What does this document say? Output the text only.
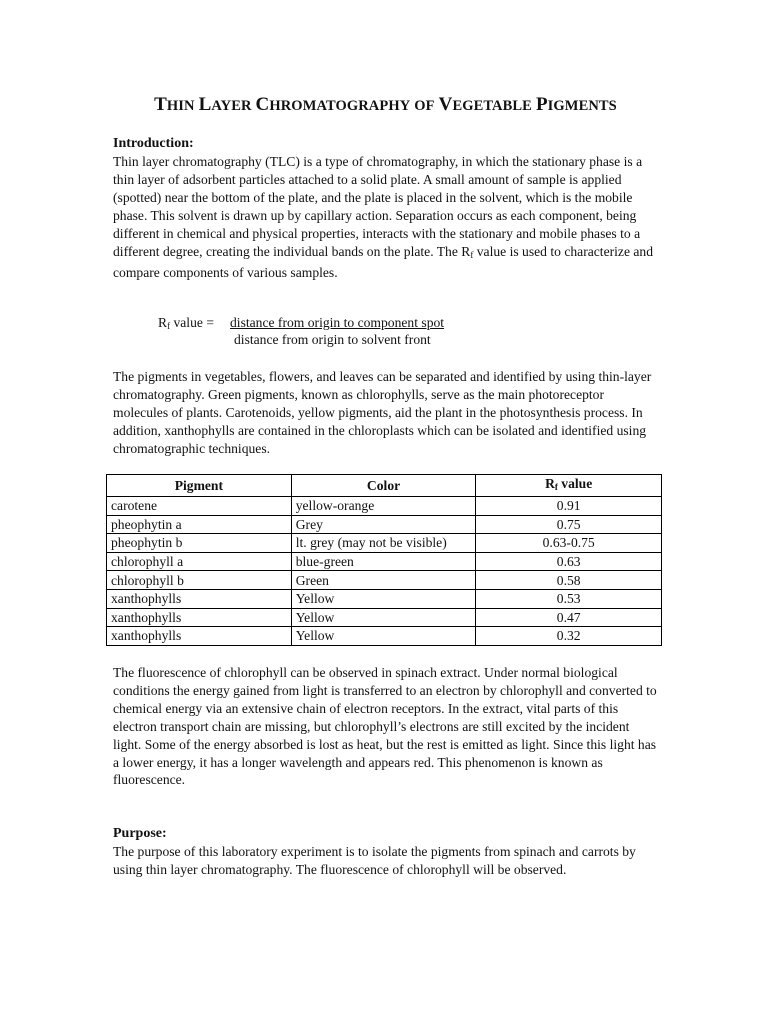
THIN LAYER CHROMATOGRAPHY OF VEGETABLE PIGMENTS
Introduction:

Thin layer chromatography (TLC) is a type of chromatography, in which the stationary phase is a thin layer of adsorbent particles attached to a solid plate. A small amount of sample is applied (spotted) near the bottom of the plate, and the plate is placed in the solvent, which is the mobile phase. This solvent is drawn up by capillary action. Separation occurs as each component, being different in chemical and physical properties, interacts with the stationary and mobile phases to a different degree, creating the individual bands on the plate. The $R_f$ value is used to characterize and compare components of various samples.

$R_f$ value = distance from origin to component spot
distance from origin to solvent front

The pigments in vegetables, flowers, and leaves can be separated and identified by using thin-layer chromatography. Green pigments, known as chlorophylls, serve as the main photoreceptor molecules of plants. Carotenoids, yellow pigments, aid the plant in the photosynthesis process. In addition, xanthophylls are contained in the chloroplasts which can be isolated and identified using chromatographic techniques.

Pigment	Color	$R_f$ value
carotene	yellow-orange	0.91
pheophytin a	Grey	0.75
pheophytin b	lt. grey (may not be visible)	0.63-0.75
chlorophyll a	blue-green	0.63
chlorophyll b	Green	0.58
xanthophylls	Yellow	0.53
xanthophylls	Yellow	0.47
xanthophylls	Yellow	0.32

The fluorescence of chlorophyll can be observed in spinach extract. Under normal biological conditions the energy gained from light is transferred to an electron by chlorophyll and converted to chemical energy via an extensive chain of electron receptors. In the extract, vital parts of this electron transport chain are missing, but chlorophyll’s electrons are still excited by the incident light. Some of the energy absorbed is lost as heat, but the rest is emitted as light. Since this light has a lower energy, it has a longer wavelength and appears red. This phenomenon is known as fluorescence.

Purpose:

The purpose of this laboratory experiment is to isolate the pigments from spinach and carrots by using thin layer chromatography. The fluorescence of chlorophyll will be observed.
